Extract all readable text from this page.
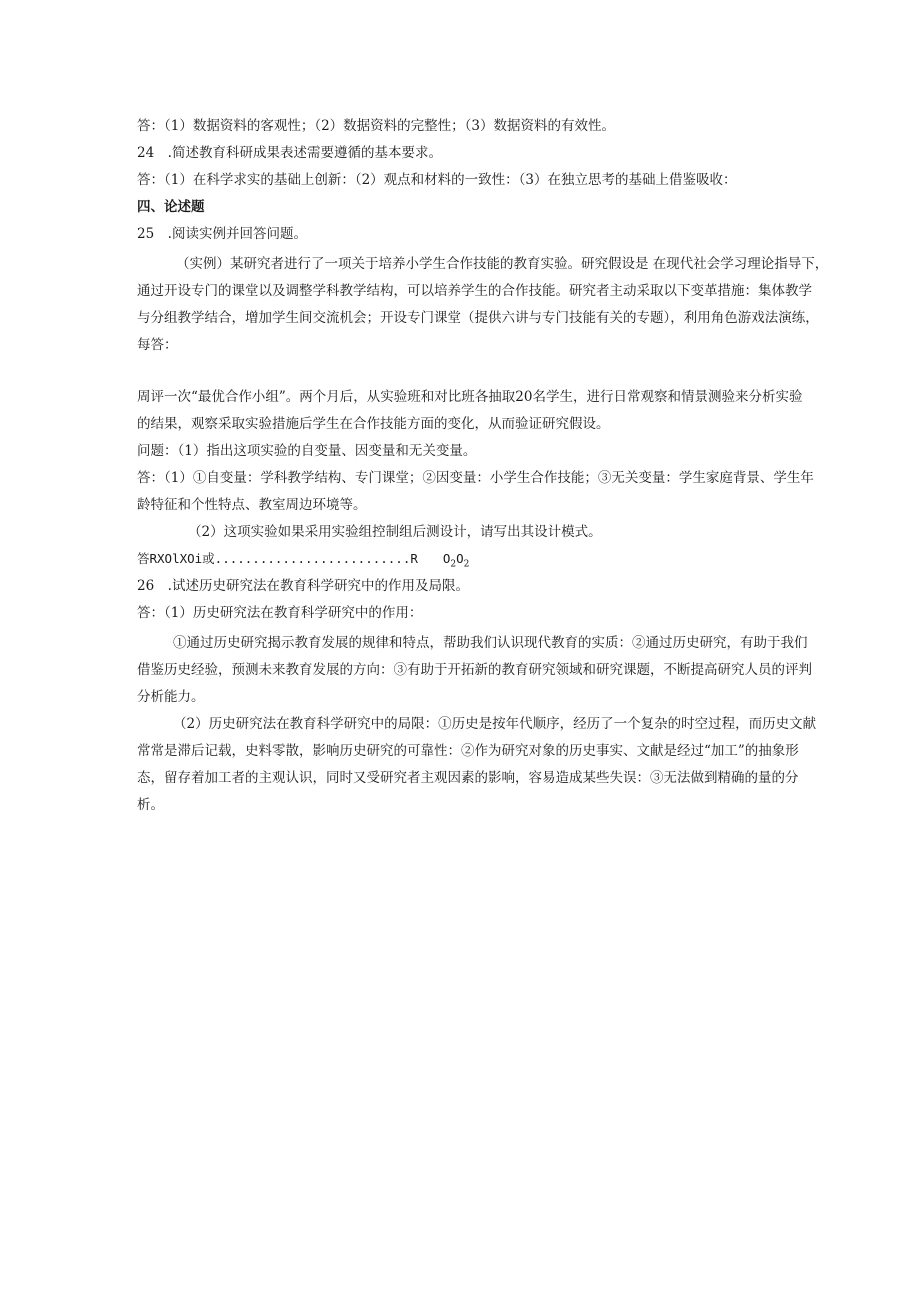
答：（1）数据资料的客观性；（2）数据资料的完整性；（3）数据资料的有效性。
24　.简述教育科研成果表述需要遵循的基本要求。
答：（1）在科学求实的基础上创新：（2）观点和材料的一致性：（3）在独立思考的基础上借鉴吸收：
四、论述题
25　.阅读实例并回答问题。
（实例）某研究者进行了一项关于培养小学生合作技能的教育实验。研究假设是 在现代社会学习理论指导下，
通过开设专门的课堂以及调整学科教学结构，可以培养学生的合作技能。研究者主动采取以下变革措施：集体教学
与分组教学结合，增加学生间交流机会；开设专门课堂（提供六讲与专门技能有关的专题），利用角色游戏法演练，
每答：
周评一次“最优合作小组”。两个月后，从实验班和对比班各抽取20名学生，进行日常观察和情景测验来分析实验
的结果，观察采取实验措施后学生在合作技能方面的变化，从而验证研究假设。
问题：（1）指出这项实验的自变量、因变量和无关变量。
答：（1）①自变量：学科教学结构、专门课堂；②因变量：小学生合作技能；③无关变量：学生家庭背景、学生年
龄特征和个性特点、教室周边环境等。
（2）这项实验如果采用实验组控制组后测设计，请写出其设计模式。
答RXOlXOi或..........................R　　$O_2O_2$
26　.试述历史研究法在教育科学研究中的作用及局限。
答：（1）历史研究法在教育科学研究中的作用：
①通过历史研究揭示教育发展的规律和特点，帮助我们认识现代教育的实质：②通过历史研究，有助于我们
借鉴历史经验，预测未来教育发展的方向：③有助于开拓新的教育研究领域和研究课题，不断提高研究人员的评判
分析能力。
（2）历史研究法在教育科学研究中的局限：①历史是按年代顺序，经历了一个复杂的时空过程，而历史文献
常常是滞后记载，史料零散，影响历史研究的可靠性：②作为研究对象的历史事实、文献是经过“加工”的抽象形
态，留存着加工者的主观认识，同时又受研究者主观因素的影响，容易造成某些失误：③无法做到精确的量的分
析。
